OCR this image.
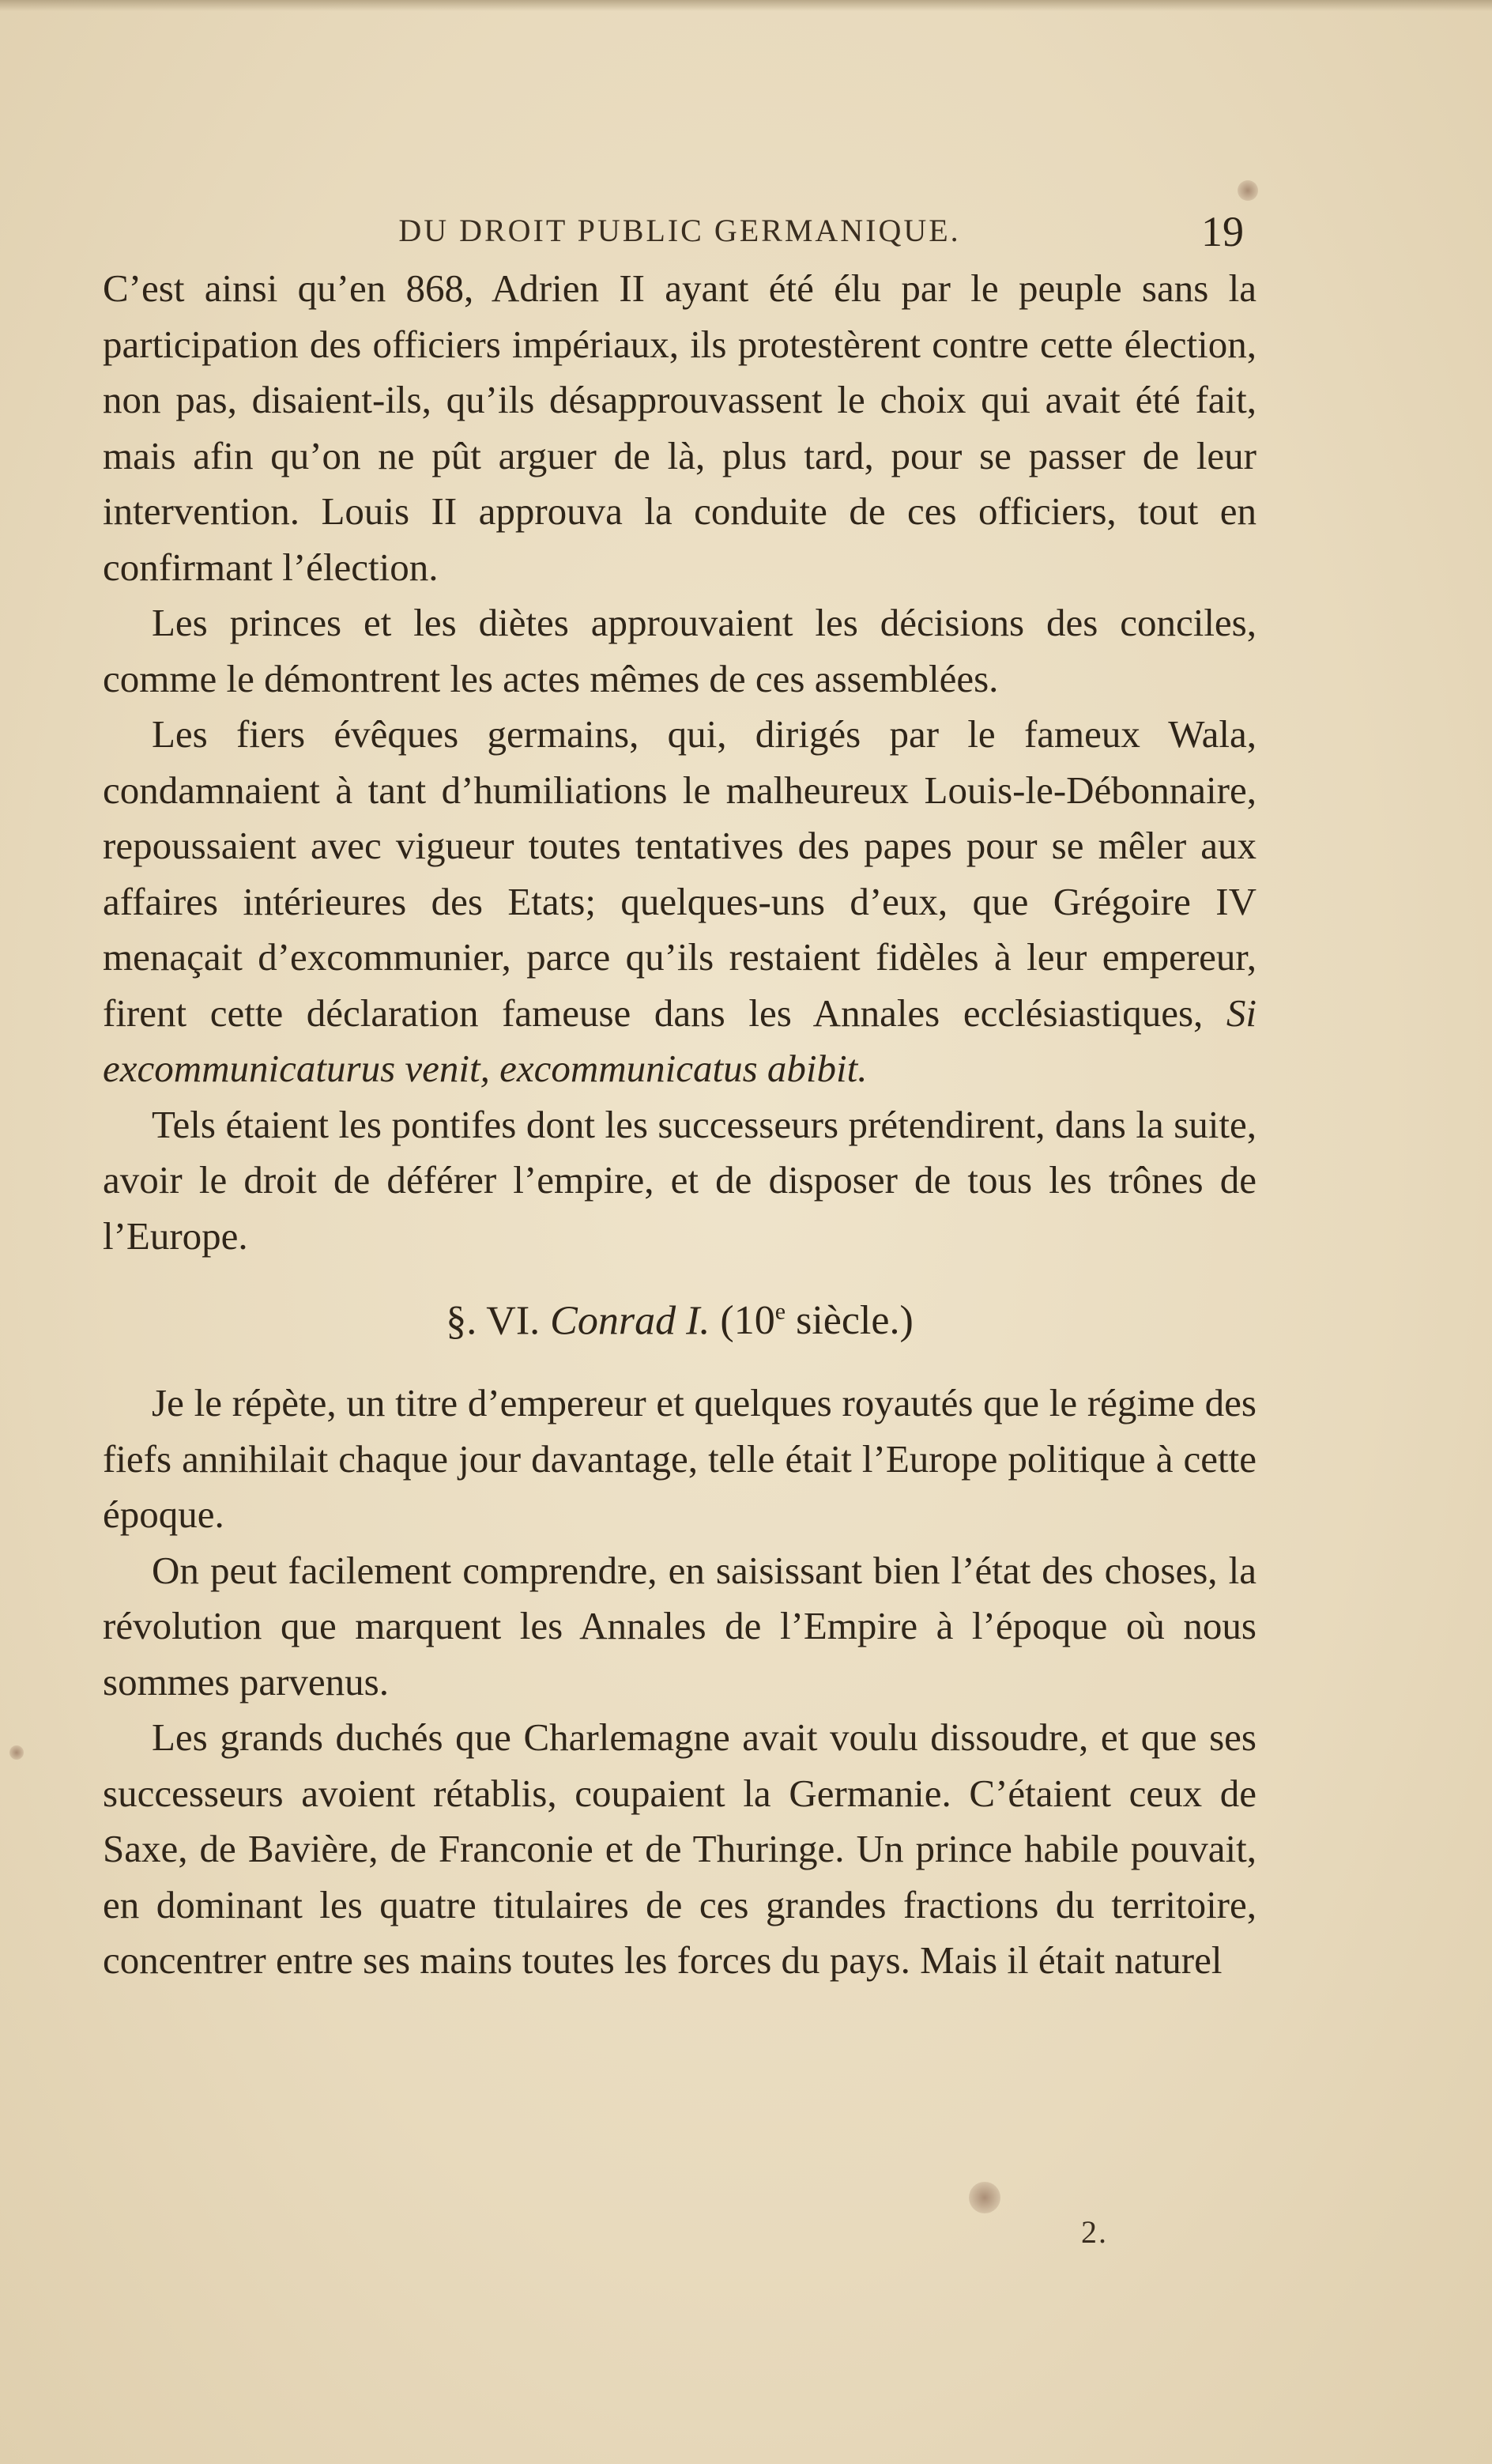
DU DROIT PUBLIC GERMANIQUE.	19

C’est ainsi qu’en 868, Adrien II ayant été élu par le peuple sans la participation des officiers impériaux, ils protestèrent contre cette élection, non pas, disaient-ils, qu’ils désapprouvassent le choix qui avait été fait, mais afin qu’on ne pût arguer de là, plus tard, pour se passer de leur intervention. Louis II approuva la conduite de ces officiers, tout en confirmant l’élection.

Les princes et les diètes approuvaient les décisions des conciles, comme le démontrent les actes mêmes de ces assemblées.

Les fiers évêques germains, qui, dirigés par le fameux Wala, condamnaient à tant d’humiliations le malheureux Louis-le-Débonnaire, repoussaient avec vigueur toutes tentatives des papes pour se mêler aux affaires intérieures des Etats; quelques-uns d’eux, que Grégoire IV menaçait d’excommunier, parce qu’ils restaient fidèles à leur empereur, firent cette déclaration fameuse dans les Annales ecclésiastiques, Si excommunicaturus venit, excommunicatus abibit.

Tels étaient les pontifes dont les successeurs prétendirent, dans la suite, avoir le droit de déférer l’empire, et de disposer de tous les trônes de l’Europe.

§. VI. Conrad I. (10e siècle.)

Je le répète, un titre d’empereur et quelques royautés que le régime des fiefs annihilait chaque jour davantage, telle était l’Europe politique à cette époque.

On peut facilement comprendre, en saisissant bien l’état des choses, la révolution que marquent les Annales de l’Empire à l’époque où nous sommes parvenus.

Les grands duchés que Charlemagne avait voulu dissoudre, et que ses successeurs avoient rétablis, coupaient la Germanie. C’étaient ceux de Saxe, de Bavière, de Franconie et de Thuringe. Un prince habile pouvait, en dominant les quatre titulaires de ces grandes fractions du territoire, concentrer entre ses mains toutes les forces du pays. Mais il était naturel

2.
